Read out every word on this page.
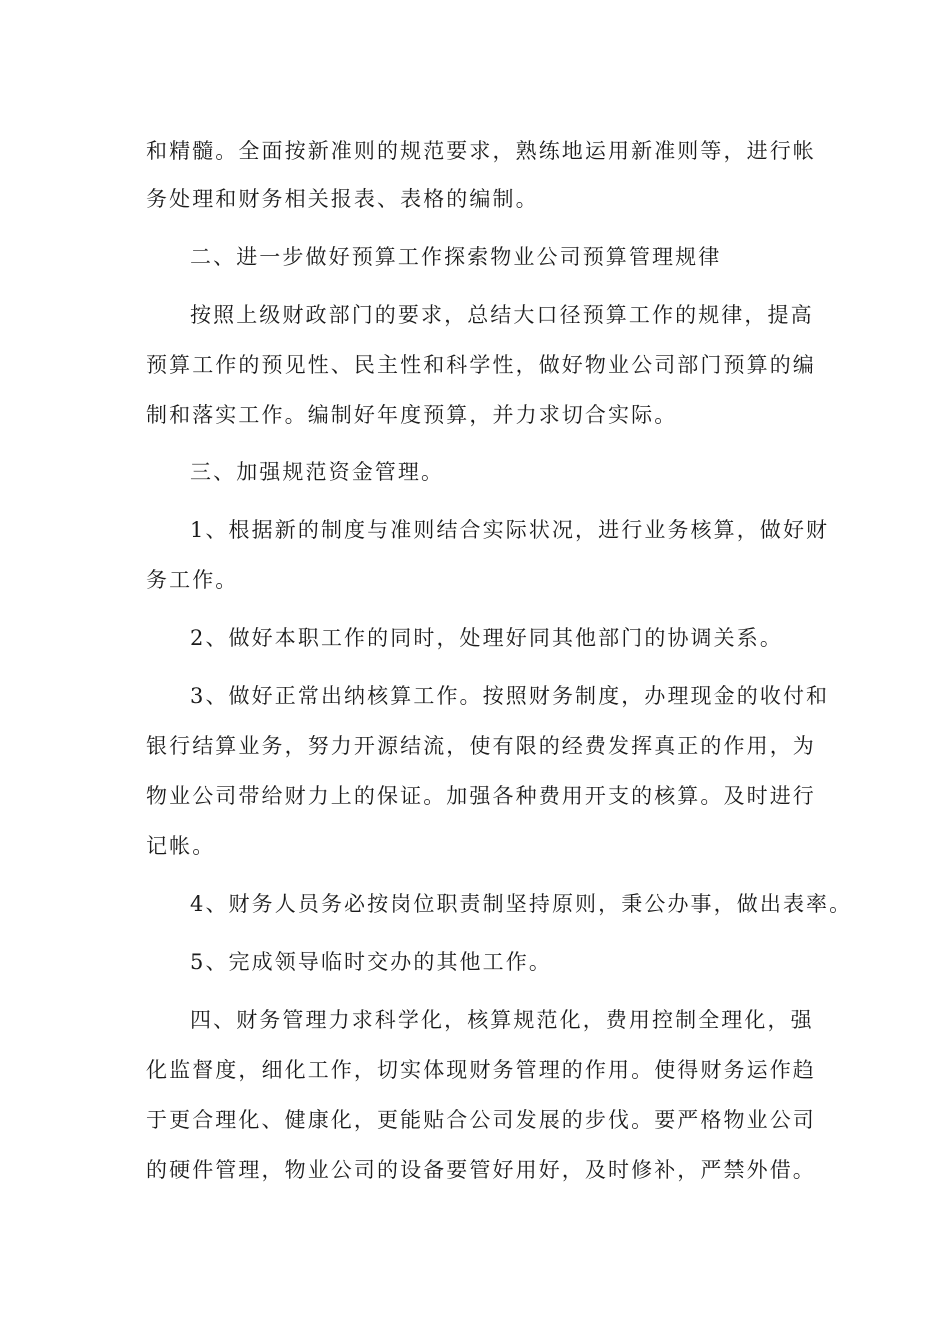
和精髓。全面按新准则的规范要求，熟练地运用新准则等，进行帐
务处理和财务相关报表、表格的编制。
二、进一步做好预算工作探索物业公司预算管理规律
按照上级财政部门的要求，总结大口径预算工作的规律，提高
预算工作的预见性、民主性和科学性，做好物业公司部门预算的编
制和落实工作。编制好年度预算，并力求切合实际。
三、加强规范资金管理。
1、根据新的制度与准则结合实际状况，进行业务核算，做好财
务工作。
2、做好本职工作的同时，处理好同其他部门的协调关系。
3、做好正常出纳核算工作。按照财务制度，办理现金的收付和
银行结算业务，努力开源结流，使有限的经费发挥真正的作用，为
物业公司带给财力上的保证。加强各种费用开支的核算。及时进行
记帐。
4、财务人员务必按岗位职责制坚持原则，秉公办事，做出表率。
5、完成领导临时交办的其他工作。
四、财务管理力求科学化，核算规范化，费用控制全理化，强
化监督度，细化工作，切实体现财务管理的作用。使得财务运作趋
于更合理化、健康化，更能贴合公司发展的步伐。要严格物业公司
的硬件管理，物业公司的设备要管好用好，及时修补，严禁外借。
